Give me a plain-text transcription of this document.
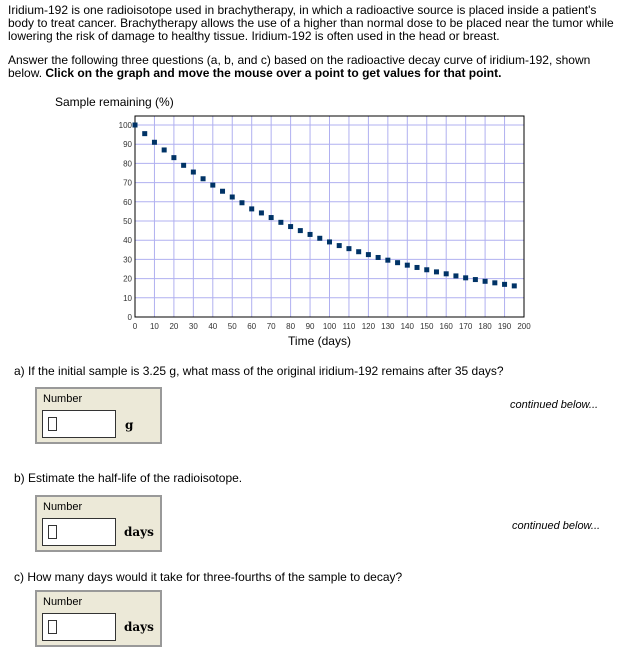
Iridium-192 is one radioisotope used in brachytherapy, in which a radioactive source is placed inside a patient's body to treat cancer. Brachytherapy allows the use of a higher than normal dose to be placed near the tumor while lowering the risk of damage to healthy tissue. Iridium-192 is often used in the head or breast.

Answer the following three questions (a, b, and c) based on the radioactive decay curve of iridium-192, shown below. Click on the graph and move the mouse over a point to get values for that point.

Sample remaining (%)
0 10 20 30 40 50 60 70 80 90 100 110 120 130 140 150 160 170 180 190 200
0
10
20
30
40
50
60
70
80
90
100
Time (days)
a) If the initial sample is 3.25 g, what mass of the original iridium-192 remains after 35 days?
Number
g
continued below...
b) Estimate the half-life of the radioisotope.
Number
days	continued below...
c) How many days would it take for three-fourths of the sample to decay?
Number
days
